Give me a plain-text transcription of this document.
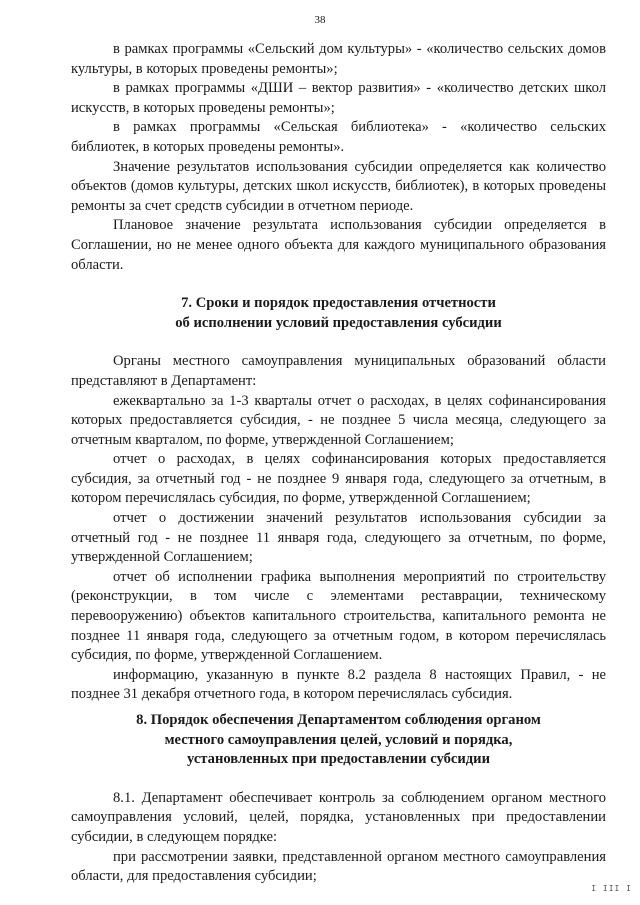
38

в рамках программы «Сельский дом культуры» - «количество сельских домов культуры, в которых проведены ремонты»;

в рамках программы «ДШИ – вектор развития» - «количество детских школ искусств, в которых проведены ремонты»;

в рамках программы «Сельская библиотека» - «количество сельских библиотек, в которых проведены ремонты».

Значение результатов использования субсидии определяется как количество объектов (домов культуры, детских школ искусств, библиотек), в которых проведены ремонты за счет средств субсидии в отчетном периоде.

Плановое значение результата использования субсидии определяется в Соглашении, но не менее одного объекта для каждого муниципального образования области.

7. Сроки и порядок предоставления отчетности
об исполнении условий предоставления субсидии

Органы местного самоуправления муниципальных образований области представляют в Департамент:

ежеквартально за 1-3 кварталы отчет о расходах, в целях софинансирования которых предоставляется субсидия, - не позднее 5 числа месяца, следующего за отчетным кварталом, по форме, утвержденной Соглашением;

отчет о расходах, в целях софинансирования которых предоставляется субсидия, за отчетный год - не позднее 9 января года, следующего за отчетным, в котором перечислялась субсидия, по форме, утвержденной Соглашением;

отчет о достижении значений результатов использования субсидии за отчетный год - не позднее 11 января года, следующего за отчетным, по форме, утвержденной Соглашением;

отчет об исполнении графика выполнения мероприятий по строительству (реконструкции, в том числе с элементами реставрации, техническому перевооружению) объектов капитального строительства, капитального ремонта не позднее 11 января года, следующего за отчетным годом, в котором перечислялась субсидия, по форме, утвержденной Соглашением.

информацию, указанную в пункте 8.2 раздела 8 настоящих Правил, - не позднее 31 декабря отчетного года, в котором перечислялась субсидия.

8. Порядок обеспечения Департаментом соблюдения органом
местного самоуправления целей, условий и порядка,
установленных при предоставлении субсидии

8.1. Департамент обеспечивает контроль за соблюдением органом местного самоуправления условий, целей, порядка, установленных при предоставлении субсидии, в следующем порядке:

при рассмотрении заявки, представленной органом местного самоуправления области, для предоставления субсидии;

I III I
